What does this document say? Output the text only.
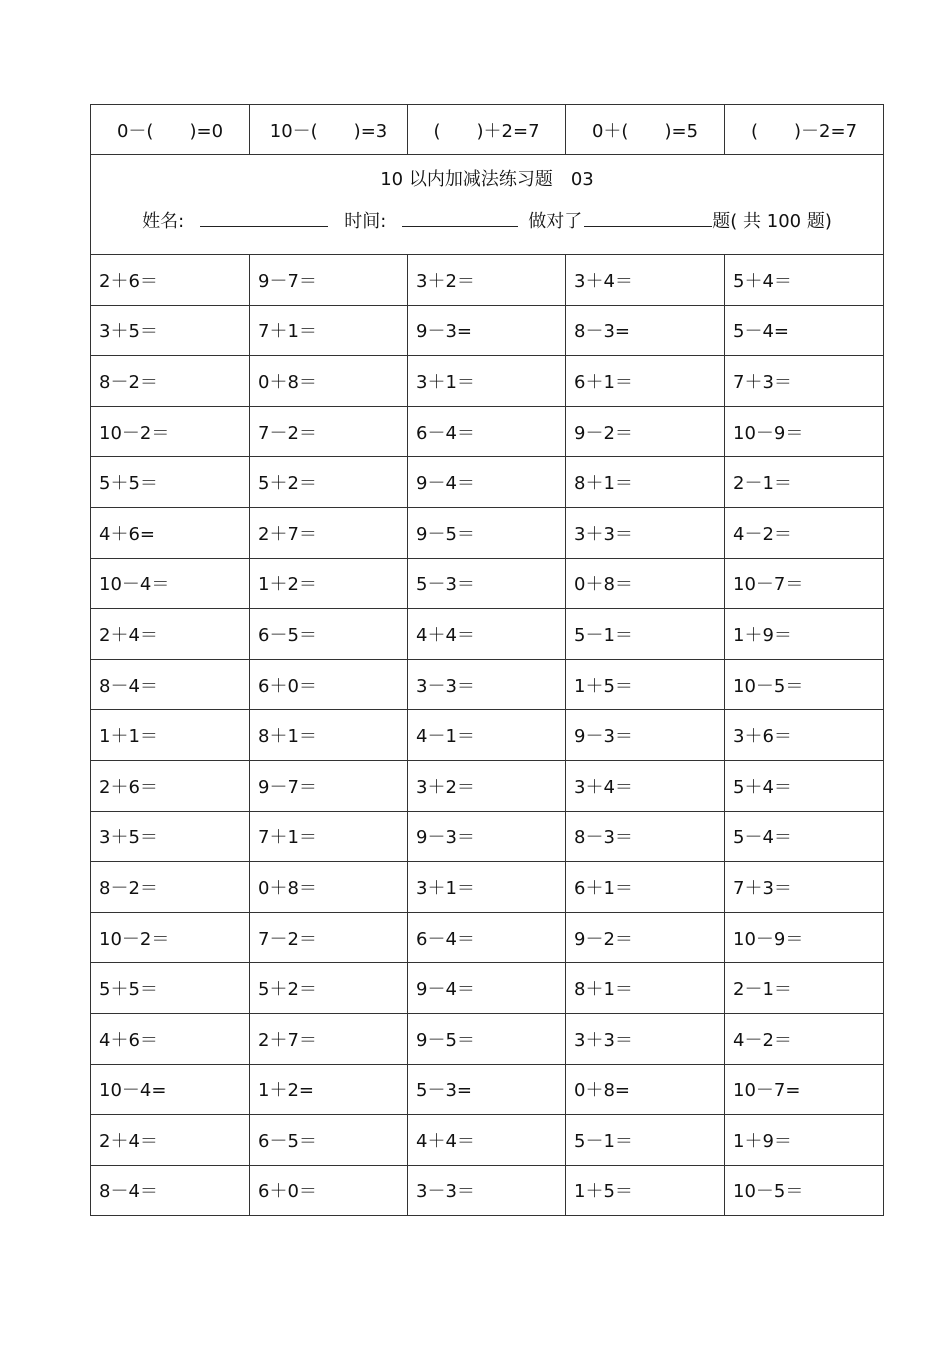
0－(　　)=0	10－(　　)=3	(　　)＋2=7	0＋(　　)=5	(　　)－2=7

10 以内加减法练习题　03
姓名: 时间: 做对了 题( 共 100 题)				

2＋6＝	9－7＝	3＋2＝	3＋4＝	5＋4＝
3＋5＝	7＋1＝	9－3=	8－3=	5－4=
8－2＝	0＋8＝	3＋1＝	6＋1＝	7＋3＝
10－2＝	7－2＝	6－4＝	9－2＝	10－9＝
5＋5＝	5＋2＝	9－4＝	8＋1＝	2－1＝
4＋6=	2＋7＝	9－5＝	3＋3＝	4－2＝
10－4＝	1＋2＝	5－3＝	0＋8＝	10－7＝
2＋4＝	6－5＝	4＋4＝	5－1＝	1＋9＝
8－4＝	6＋0＝	3－3＝	1＋5＝	10－5＝
1＋1＝	8＋1＝	4－1＝	9－3＝	3＋6＝
2＋6＝	9－7＝	3＋2＝	3＋4＝	5＋4＝
3＋5＝	7＋1＝	9－3＝	8－3＝	5－4＝
8－2＝	0＋8＝	3＋1＝	6＋1＝	7＋3＝
10－2＝	7－2＝	6－4＝	9－2＝	10－9＝
5＋5＝	5＋2＝	9－4＝	8＋1＝	2－1＝
4＋6＝	2＋7＝	9－5＝	3＋3＝	4－2＝
10－4=	1＋2=	5－3=	0＋8=	10－7=
2＋4＝	6－5＝	4＋4＝	5－1＝	1＋9＝
8－4＝	6＋0＝	3－3＝	1＋5＝	10－5＝
